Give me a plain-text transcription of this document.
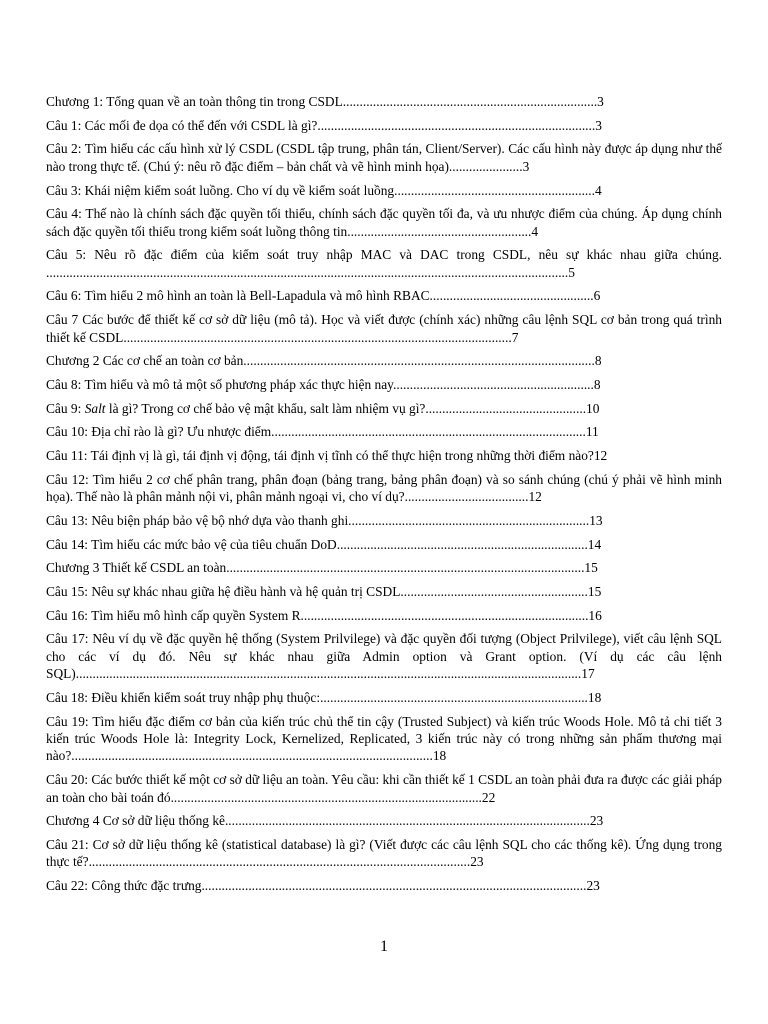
Chương 1: Tổng quan về an toàn thông tin trong CSDL............................................................................3

Câu 1: Các mối đe dọa có thể đến với CSDL là gì?...................................................................................3

Câu 2: Tìm hiểu các cấu hình xử lý CSDL (CSDL tập trung, phân tán, Client/Server). Các cấu hình này được áp dụng như thế nào trong thực tế. (Chú ý: nêu rõ đặc điểm – bản chất và vẽ hình minh họa)......................3

Câu 3: Khái niệm kiểm soát luồng. Cho ví dụ về kiểm soát luồng............................................................4

Câu 4: Thế nào là chính sách đặc quyền tối thiểu, chính sách đặc quyền tối đa, và ưu nhược điểm của chúng. Áp dụng chính sách đặc quyền tối thiểu trong kiểm soát luồng thông tin.......................................................4

Câu 5: Nêu rõ đặc điểm của kiểm soát truy nhập MAC và DAC trong CSDL, nêu sự khác nhau giữa chúng. ............................................................................................................................................................5

Câu 6: Tìm hiểu 2 mô hình an toàn là Bell-Lapadula và mô hình RBAC.................................................6

Câu 7 Các bước để thiết kế cơ sở dữ liệu (mô tả). Học và viết được (chính xác) những câu lệnh SQL cơ bản trong quá trình thiết kế CSDL....................................................................................................................7

Chương 2 Các cơ chế an toàn cơ bản.........................................................................................................8

Câu 8: Tìm hiểu và mô tả một số phương pháp xác thực hiện nay............................................................8

Câu 9: Salt là gì? Trong cơ chế bảo vệ mật khẩu, salt làm nhiệm vụ gì?................................................10

Câu 10: Địa chỉ rào là gì? Ưu nhược điểm..............................................................................................11

Câu 11: Tái định vị là gì, tái định vị động, tái định vị tĩnh có thể thực hiện trong những thời điểm nào?12

Câu 12: Tìm hiểu 2 cơ chế phân trang, phân đoạn (bảng trang, bảng phân đoạn) và so sánh chúng (chú ý phải vẽ hình minh họa). Thế nào là phân mảnh nội vi, phân mảnh ngoại vi, cho ví dụ?.....................................12

Câu 13: Nêu biện pháp bảo vệ bộ nhớ dựa vào thanh ghi........................................................................13

Câu 14: Tìm hiểu các mức bảo vệ của tiêu chuẩn DoD...........................................................................14

Chương 3 Thiết kế CSDL an toàn...........................................................................................................15

Câu 15: Nêu sự khác nhau giữa hệ điều hành và hệ quản trị CSDL........................................................15

Câu 16: Tìm hiểu mô hình cấp quyền System R......................................................................................16

Câu 17: Nêu ví dụ về đặc quyền hệ thống (System Prilvilege) và đặc quyền đối tượng (Object Prilvilege), viết câu lệnh SQL cho các ví dụ đó. Nêu sự khác nhau giữa Admin option và Grant option. (Ví dụ các câu lệnh SQL).......................................................................................................................................................17

Câu 18: Điều khiển kiểm soát truy nhập phụ thuộc:................................................................................18

Câu 19: Tìm hiểu đặc điểm cơ bản của kiến trúc chủ thể tin cậy (Trusted Subject) và kiến trúc Woods Hole. Mô tả chi tiết 3 kiến trúc Woods Hole là: Integrity Lock, Kernelized, Replicated, 3 kiến trúc này có trong những sản phẩm thương mại nào?............................................................................................................18

Câu 20: Các bước thiết kế một cơ sở dữ liệu an toàn. Yêu cầu: khi cần thiết kế 1 CSDL an toàn phải đưa ra được các giải pháp an toàn cho bài toán đó.............................................................................................22

Chương 4 Cơ sở dữ liệu thống kê.............................................................................................................23

Câu 21: Cơ sở dữ liệu thống kê (statistical database) là gì? (Viết được các câu lệnh SQL cho các thống kê). Ứng dụng trong thực tế?..................................................................................................................23

Câu 22: Công thức đặc trưng...................................................................................................................23

1
